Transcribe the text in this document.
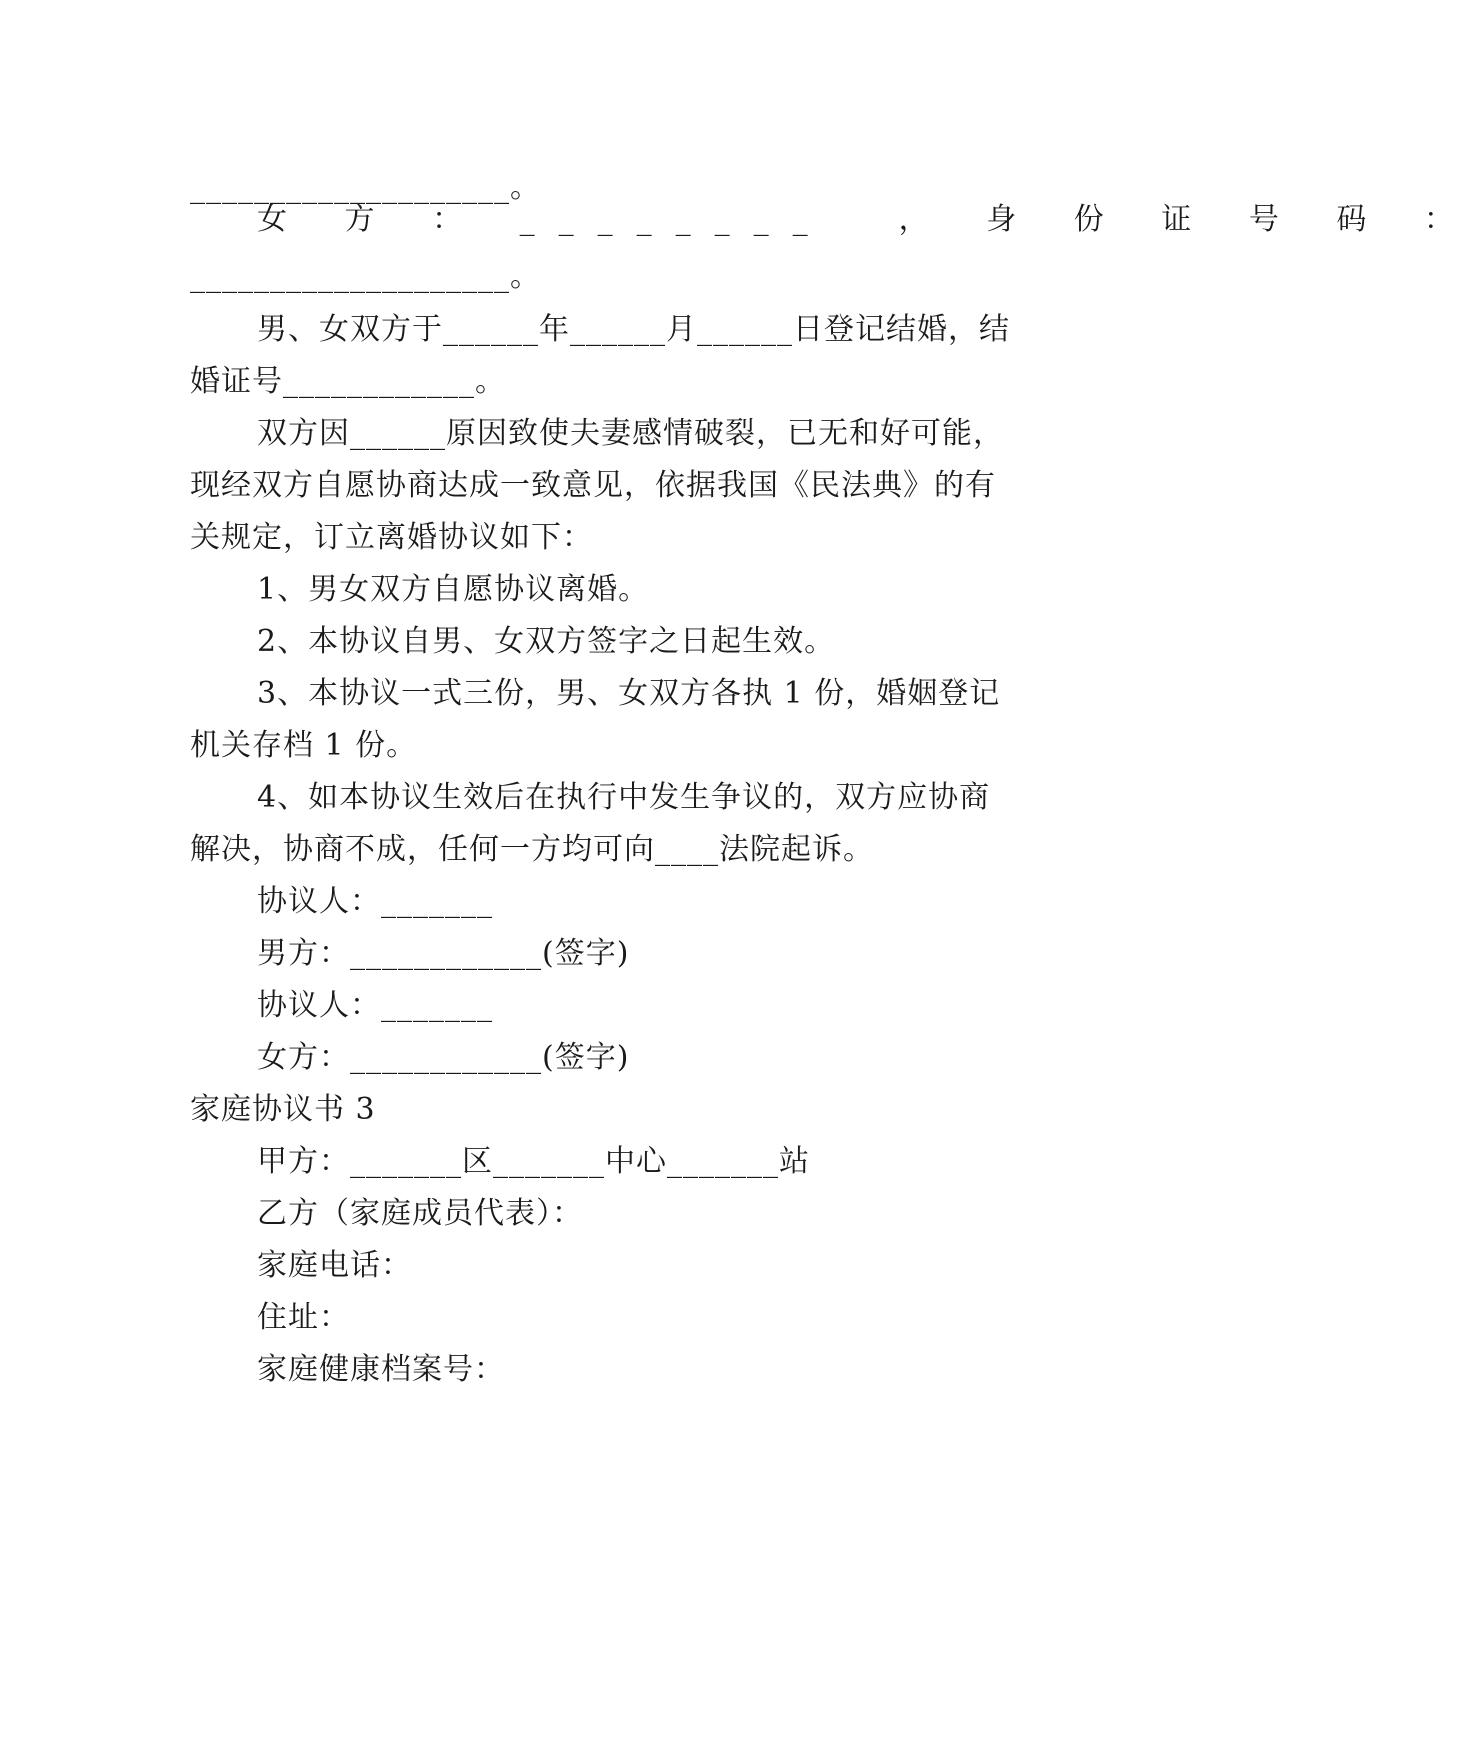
____________________。
女 方 ： ________  ， 身 份 证 号 码 ：
____________________。
男、女双方于______年______月______日登记结婚，结
婚证号____________。
双方因______原因致使夫妻感情破裂，已无和好可能，
现经双方自愿协商达成一致意见，依据我国《民法典》的有
关规定，订立离婚协议如下：
1、男女双方自愿协议离婚。
2、本协议自男、女双方签字之日起生效。
3、本协议一式三份，男、女双方各执 1 份，婚姻登记
机关存档 1 份。
4、如本协议生效后在执行中发生争议的，双方应协商
解决，协商不成，任何一方均可向____法院起诉。
协议人：_______
男方：____________(签字)
协议人：_______
女方：____________(签字)
家庭协议书 3
甲方：_______区_______中心_______站
乙方（家庭成员代表）：
家庭电话：
住址：
家庭健康档案号：
